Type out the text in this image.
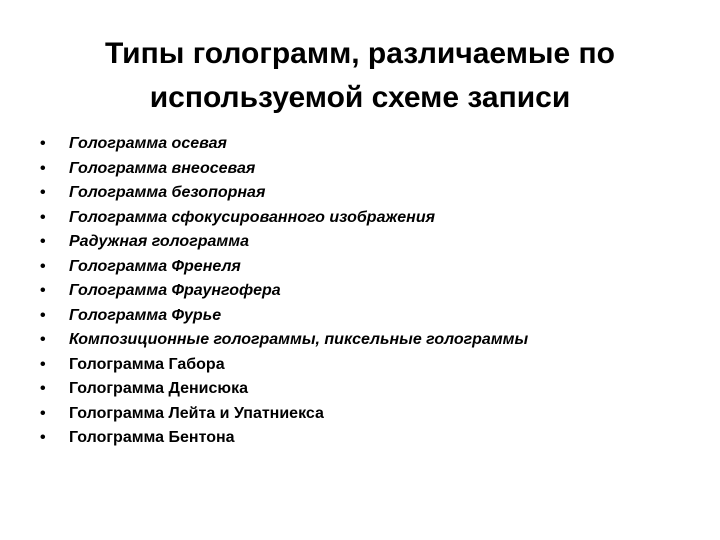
Типы голограмм, различаемые по
используемой схеме записи
• Голограмма осевая
• Голограмма внеосевая
• Голограмма безопорная
• Голограмма сфокусированного изображения
• Радужная голограмма
• Голограмма Френеля
• Голограмма Фраунгофера
• Голограмма Фурье
• Композиционные голограммы, пиксельные голограммы
• Голограмма Габора
• Голограмма Денисюка
• Голограмма Лейта и Упатниекса
• Голограмма Бентона
